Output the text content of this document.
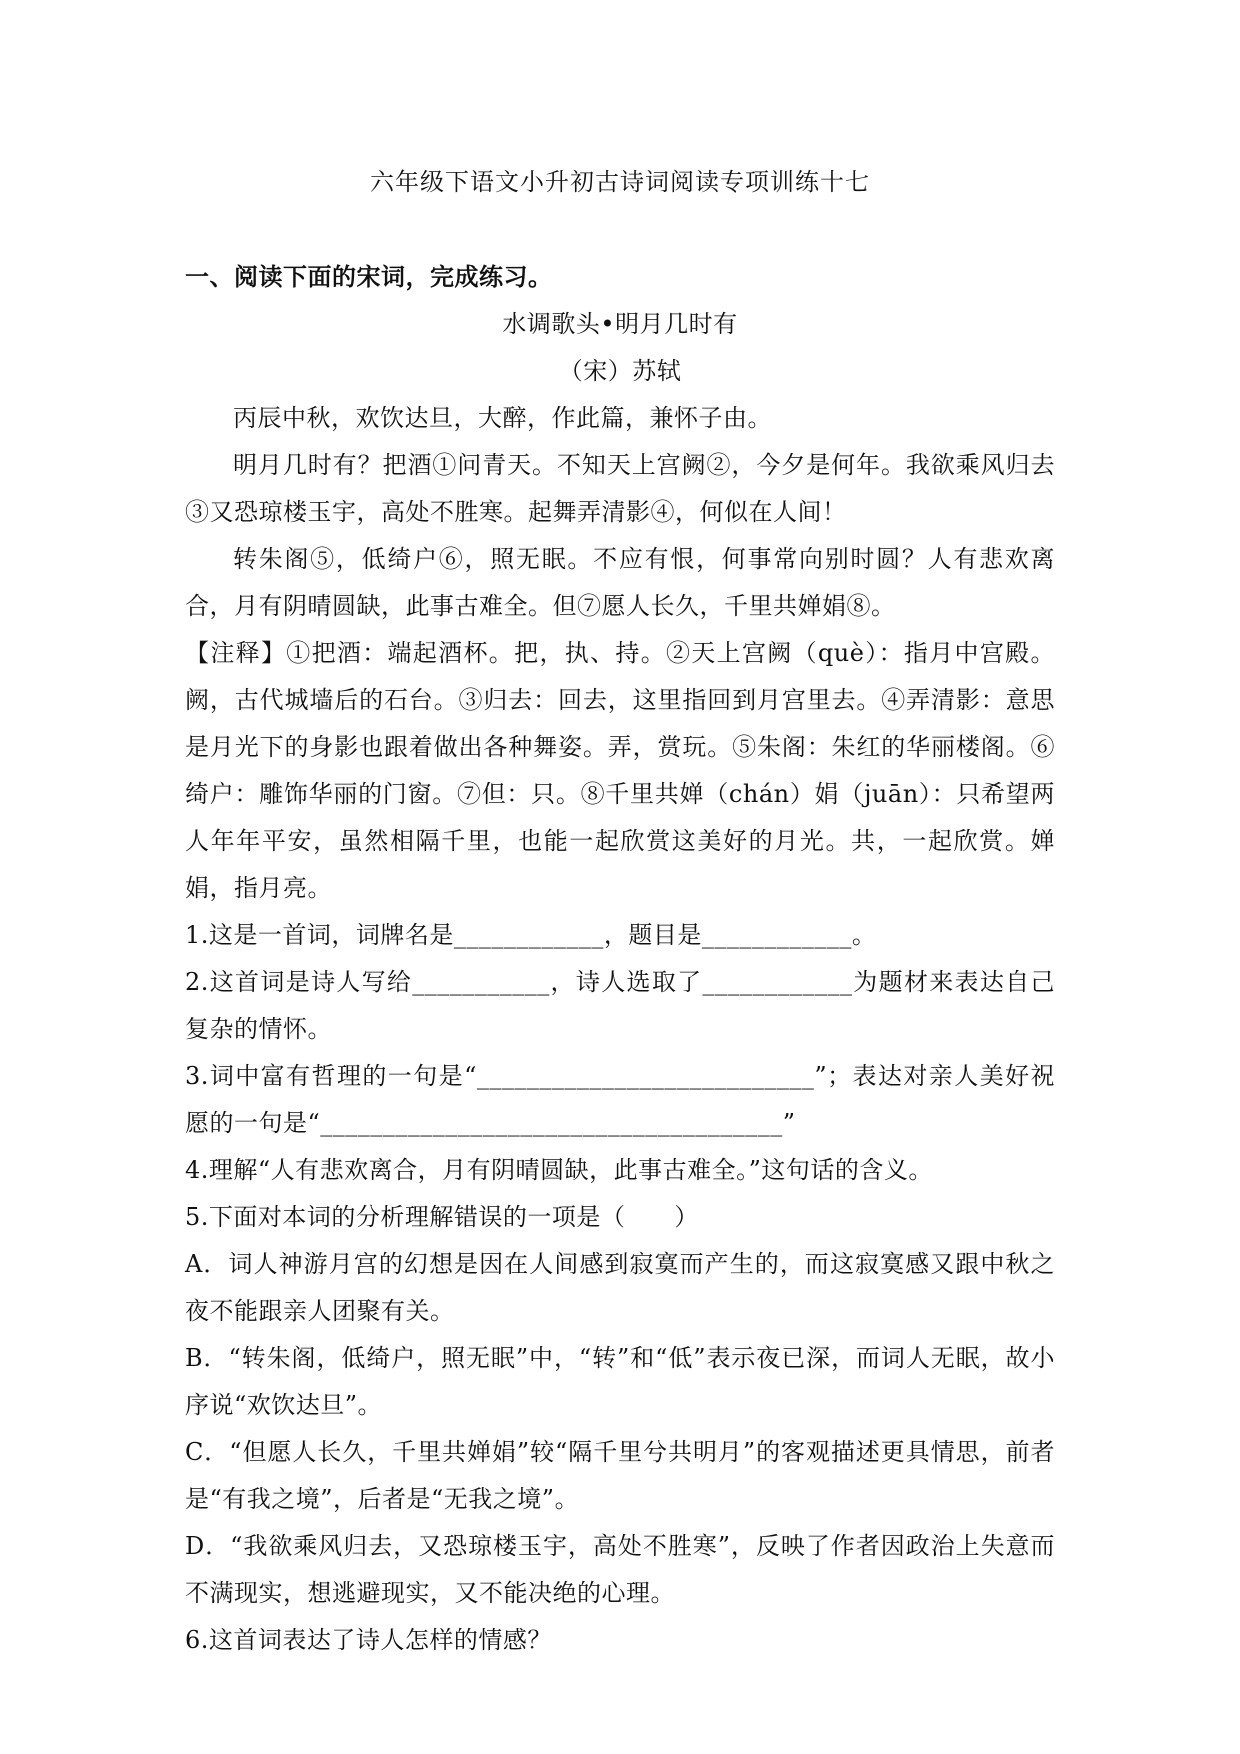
六年级下语文小升初古诗词阅读专项训练十七

一、阅读下面的宋词，完成练习。

水调歌头•明月几时有

（宋）苏轼

丙辰中秋，欢饮达旦，大醉，作此篇，兼怀子由。

明月几时有？把酒①问青天。不知天上宫阙②，今夕是何年。我欲乘风归去③又恐琼楼玉宇，高处不胜寒。起舞弄清影④，何似在人间！

转朱阁⑤，低绮户⑥，照无眠。不应有恨，何事常向别时圆？人有悲欢离合，月有阴晴圆缺，此事古难全。但⑦愿人长久，千里共婵娟⑧。

【注释】①把酒：端起酒杯。把，执、持。②天上宫阙（què）：指月中宫殿。阙，古代城墙后的石台。③归去：回去，这里指回到月宫里去。④弄清影：意思是月光下的身影也跟着做出各种舞姿。弄，赏玩。⑤朱阁：朱红的华丽楼阁。⑥绮户：雕饰华丽的门窗。⑦但：只。⑧千里共婵（chán）娟（juān）：只希望两人年年平安，虽然相隔千里，也能一起欣赏这美好的月光。共，一起欣赏。婵娟，指月亮。

1.这是一首词，词牌名是____________，题目是____________。

2.这首词是诗人写给___________，诗人选取了____________为题材来表达自己复杂的情怀。

3.词中富有哲理的一句是“___________________________”；表达对亲人美好祝愿的一句是“_____________________________________”

4.理解“人有悲欢离合，月有阴晴圆缺，此事古难全。”这句话的含义。

5.下面对本词的分析理解错误的一项是（　　）

A．词人神游月宫的幻想是因在人间感到寂寞而产生的，而这寂寞感又跟中秋之夜不能跟亲人团聚有关。

B．“转朱阁，低绮户，照无眠”中，“转”和“低”表示夜已深，而词人无眠，故小序说“欢饮达旦”。

C．“但愿人长久，千里共婵娟”较“隔千里兮共明月”的客观描述更具情思，前者是“有我之境”，后者是“无我之境”。

D．“我欲乘风归去，又恐琼楼玉宇，高处不胜寒”，反映了作者因政治上失意而不满现实，想逃避现实，又不能决绝的心理。

6.这首词表达了诗人怎样的情感？
